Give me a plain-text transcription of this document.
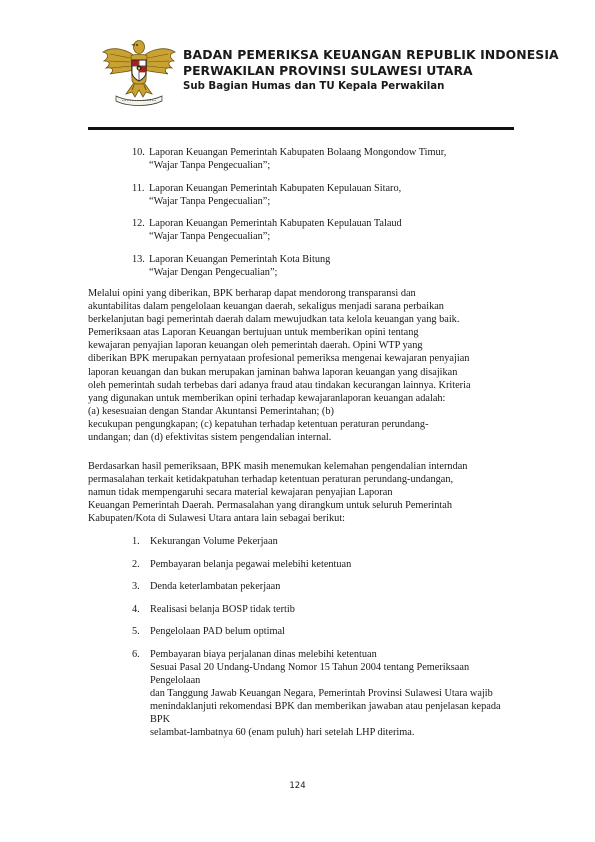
BADAN PEMERIKSA KEUANGAN REPUBLIK INDONESIA
PERWAKILAN PROVINSI SULAWESI UTARA
Sub Bagian Humas dan TU Kepala Perwakilan
10. Laporan Keuangan Pemerintah Kabupaten Bolaang Mongondow Timur,
“Wajar Tanpa Pengecualian”;
11. Laporan Keuangan Pemerintah Kabupaten Kepulauan Sitaro,
“Wajar Tanpa Pengecualian”;
12. Laporan Keuangan Pemerintah Kabupaten Kepulauan Talaud
“Wajar Tanpa Pengecualian”;
13. Laporan Keuangan Pemerintah Kota Bitung
“Wajar Dengan Pengecualian”;

Melalui opini yang diberikan, BPK berharap dapat mendorong transparansi dan
akuntabilitas dalam pengelolaan keuangan daerah, sekaligus menjadi sarana perbaikan
berkelanjutan bagi pemerintah daerah dalam mewujudkan tata kelola keuangan yang baik.
Pemeriksaan atas Laporan Keuangan bertujuan untuk memberikan opini tentang
kewajaran penyajian laporan keuangan oleh pemerintah daerah. Opini WTP yang
diberikan BPK merupakan pernyataan profesional pemeriksa mengenai kewajaran penyajian
laporan keuangan dan bukan merupakan jaminan bahwa laporan keuangan yang disajikan
oleh pemerintah sudah terbebas dari adanya fraud atau tindakan kecurangan lainnya. Kriteria
yang digunakan untuk memberikan opini terhadap kewajaranlaporan keuangan adalah:
(a) kesesuaian dengan Standar Akuntansi Pemerintahan; (b)
kecukupan pengungkapan; (c) kepatuhan terhadap ketentuan peraturan perundang-
undangan; dan (d) efektivitas sistem pengendalian internal.

Berdasarkan hasil pemeriksaan, BPK masih menemukan kelemahan pengendalian interndan
permasalahan terkait ketidakpatuhan terhadap ketentuan peraturan perundang-undangan,
namun tidak mempengaruhi secara material kewajaran penyajian Laporan
Keuangan Pemerintah Daerah. Permasalahan yang dirangkum untuk seluruh Pemerintah
Kabupaten/Kota di Sulawesi Utara antara lain sebagai berikut:

1. Kekurangan Volume Pekerjaan
2. Pembayaran belanja pegawai melebihi ketentuan
3. Denda keterlambatan pekerjaan
4. Realisasi belanja BOSP tidak tertib
5. Pengelolaan PAD belum optimal
6. Pembayaran biaya perjalanan dinas melebihi ketentuan
Sesuai Pasal 20 Undang-Undang Nomor 15 Tahun 2004 tentang Pemeriksaan
Pengelolaan
dan Tanggung Jawab Keuangan Negara, Pemerintah Provinsi Sulawesi Utara wajib
menindaklanjuti rekomendasi BPK dan memberikan jawaban atau penjelasan kepada
BPK
selambat-lambatnya 60 (enam puluh) hari setelah LHP diterima.
124
